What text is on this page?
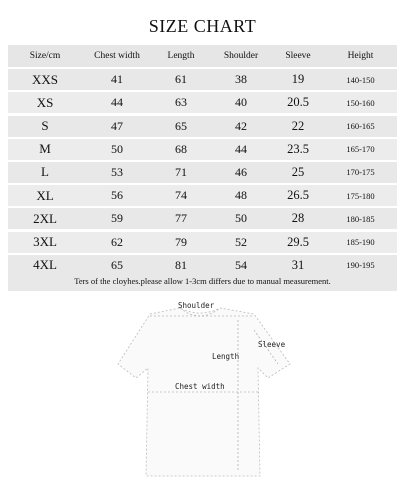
SIZE CHART
Size/cm	Chest width	Length	Shoulder	Sleeve	Height
XXS	41	61	38	19	140-150
XS	44	63	40	20.5	150-160
S	47	65	42	22	160-165
M	50	68	44	23.5	165-170
L	53	71	46	25	170-175
XL	56	74	48	26.5	175-180
2XL	59	77	50	28	180-185
3XL	62	79	52	29.5	185-190
4XL	65	81	54	31	190-195
Ters of the cloyhes.please allow 1-3cm differs due to manual measurement.
Shoulder
Sleeve
Length
Chest width
